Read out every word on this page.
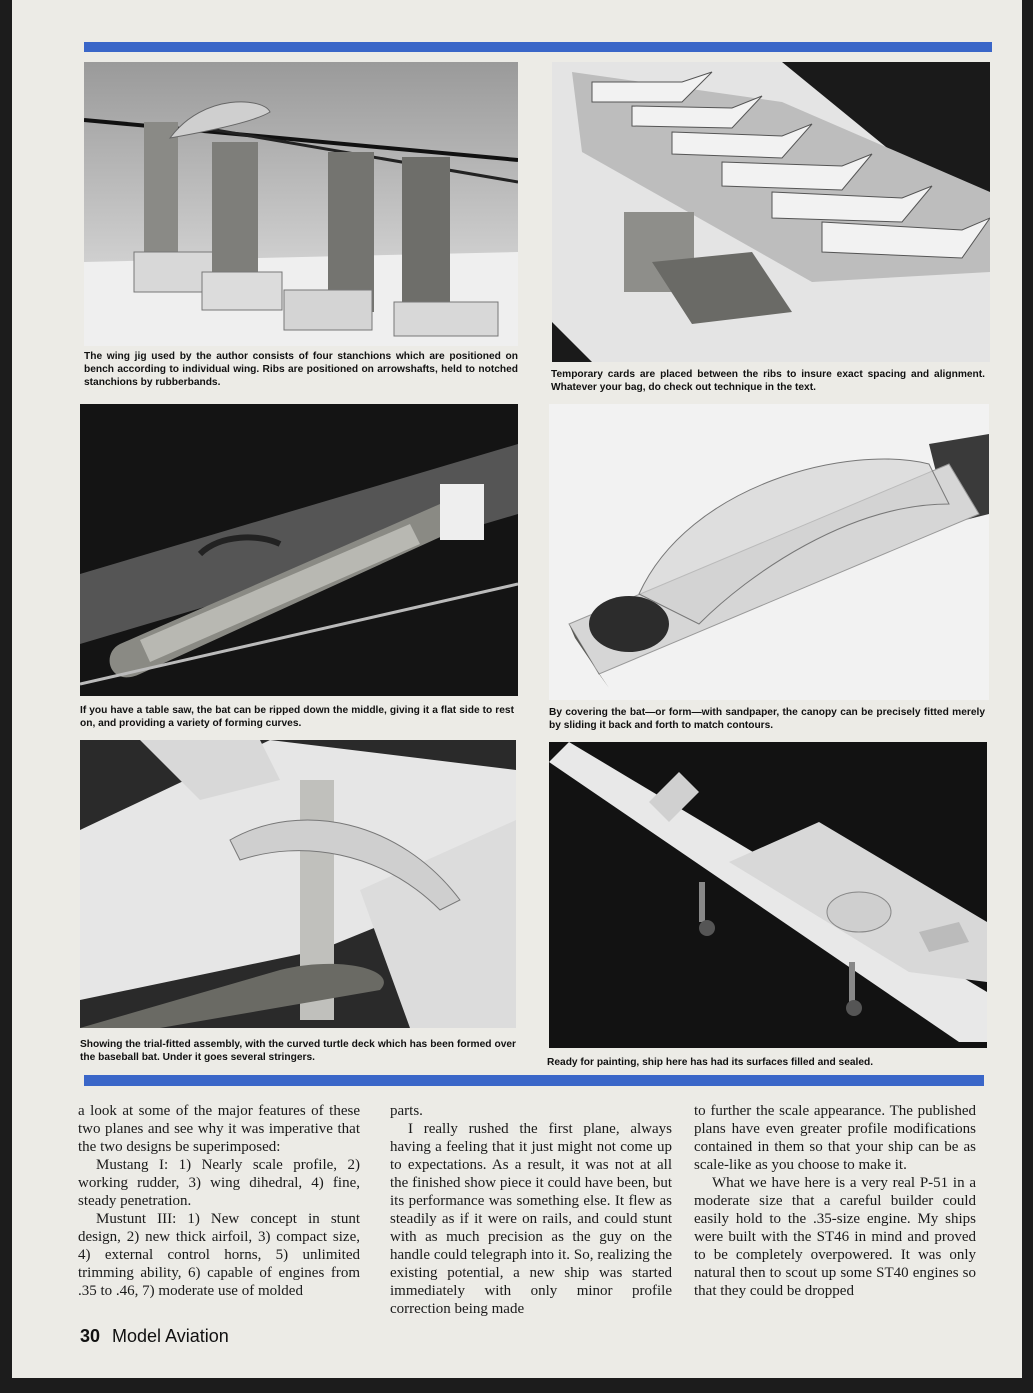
The wing jig used by the author consists of four stanchions which are positioned on bench according to individual wing. Ribs are positioned on arrowshafts, held to notched stanchions by rubberbands.

Temporary cards are placed between the ribs to insure exact spacing and alignment. Whatever your bag, do check out technique in the text.

If you have a table saw, the bat can be ripped down the middle, giving it a flat side to rest on, and providing a variety of forming curves.

By covering the bat—or form—with sandpaper, the canopy can be precisely fitted merely by sliding it back and forth to match contours.

Showing the trial-fitted assembly, with the curved turtle deck which has been formed over the baseball bat. Under it goes several stringers.	Ready for painting, ship here has had its surfaces filled and sealed.

a look at some of the major features of these two planes and see why it was imperative that the two designs be superimposed:

Mustang I: 1) Nearly scale profile, 2) working rudder, 3) wing dihedral, 4) fine, steady penetration.

Mustunt III: 1) New concept in stunt design, 2) new thick airfoil, 3) compact size, 4) external control horns, 5) unlimited trimming ability, 6) capable of engines from .35 to .46, 7) moderate use of molded

parts.

I really rushed the first plane, always having a feeling that it just might not come up to expectations. As a result, it was not at all the finished show piece it could have been, but its performance was something else. It flew as steadily as if it were on rails, and could stunt with as much precision as the guy on the handle could telegraph into it. So, realizing the existing potential, a new ship was started immediately with only minor profile correction being made

to further the scale appearance. The published plans have even greater profile modifications contained in them so that your ship can be as scale-like as you choose to make it.

What we have here is a very real P-51 in a moderate size that a careful builder could easily hold to the .35-size engine. My ships were built with the ST46 in mind and proved to be completely overpowered. It was only natural then to scout up some ST40 engines so that they could be dropped

30 Model Aviation
